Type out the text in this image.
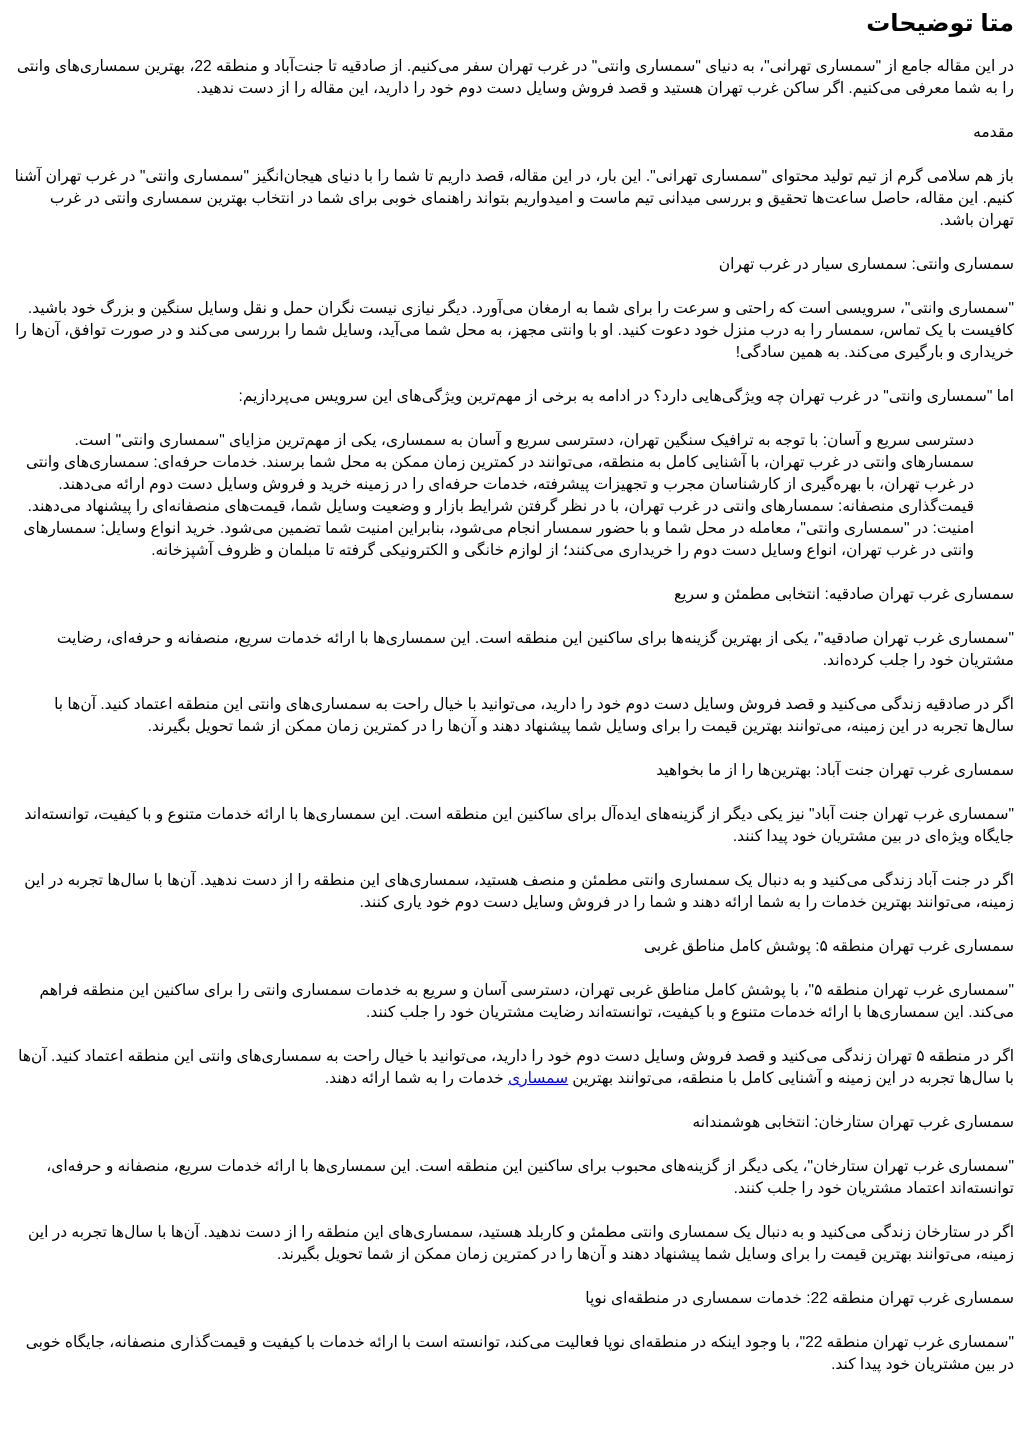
متا توضیحات

در این مقاله جامع از "سمساری تهرانی"، به دنیای "سمساری وانتی" در غرب تهران سفر می‌کنیم. از صادقیه تا جنت‌آباد و منطقه 22، بهترین سمساری‌های وانتی را به شما معرفی می‌کنیم. اگر ساکن غرب تهران هستید و قصد فروش وسایل دست دوم خود را دارید، این مقاله را از دست ندهید.

مقدمه

باز هم سلامی گرم از تیم تولید محتوای "سمساری تهرانی". این بار، در این مقاله، قصد داریم تا شما را با دنیای هیجان‌انگیز "سمساری وانتی" در غرب تهران آشنا کنیم. این مقاله، حاصل ساعت‌ها تحقیق و بررسی میدانی تیم ماست و امیدواریم بتواند راهنمای خوبی برای شما در انتخاب بهترین سمساری وانتی در غرب تهران باشد.

سمساری وانتی: سمساری سیار در غرب تهران

"سمساری وانتی"، سرویسی است که راحتی و سرعت را برای شما به ارمغان می‌آورد. دیگر نیازی نیست نگران حمل و نقل وسایل سنگین و بزرگ خود باشید. کافیست با یک تماس، سمسار را به درب منزل خود دعوت کنید. او با وانتی مجهز، به محل شما می‌آید، وسایل شما را بررسی می‌کند و در صورت توافق، آن‌ها را خریداری و بارگیری می‌کند. به همین سادگی!

اما "سمساری وانتی" در غرب تهران چه ویژگی‌هایی دارد؟ در ادامه به برخی از مهم‌ترین ویژگی‌های این سرویس می‌پردازیم:

دسترسی سریع و آسان: با توجه به ترافیک سنگین تهران، دسترسی سریع و آسان به سمساری، یکی از مهم‌ترین مزایای "سمساری وانتی" است. سمسارهای وانتی در غرب تهران، با آشنایی کامل به منطقه، می‌توانند در کمترین زمان ممکن به محل شما برسند. خدمات حرفه‌ای: سمساری‌های وانتی در غرب تهران، با بهره‌گیری از کارشناسان مجرب و تجهیزات پیشرفته، خدمات حرفه‌ای را در زمینه خرید و فروش وسایل دست دوم ارائه می‌دهند. قیمت‌گذاری منصفانه: سمسارهای وانتی در غرب تهران، با در نظر گرفتن شرایط بازار و وضعیت وسایل شما، قیمت‌های منصفانه‌ای را پیشنهاد می‌دهند. امنیت: در "سمساری وانتی"، معامله در محل شما و با حضور سمسار انجام می‌شود، بنابراین امنیت شما تضمین می‌شود. خرید انواع وسایل: سمسارهای وانتی در غرب تهران، انواع وسایل دست دوم را خریداری می‌کنند؛ از لوازم خانگی و الکترونیکی گرفته تا مبلمان و ظروف آشپزخانه.

سمساری غرب تهران صادقیه: انتخابی مطمئن و سریع

"سمساری غرب تهران صادقیه"، یکی از بهترین گزینه‌ها برای ساکنین این منطقه است. این سمساری‌ها با ارائه خدمات سریع، منصفانه و حرفه‌ای، رضایت مشتریان خود را جلب کرده‌اند.

اگر در صادقیه زندگی می‌کنید و قصد فروش وسایل دست دوم خود را دارید، می‌توانید با خیال راحت به سمساری‌های وانتی این منطقه اعتماد کنید. آن‌ها با سال‌ها تجربه در این زمینه، می‌توانند بهترین قیمت را برای وسایل شما پیشنهاد دهند و آن‌ها را در کمترین زمان ممکن از شما تحویل بگیرند.

سمساری غرب تهران جنت آباد: بهترین‌ها را از ما بخواهید

"سمساری غرب تهران جنت آباد" نیز یکی دیگر از گزینه‌های ایده‌آل برای ساکنین این منطقه است. این سمساری‌ها با ارائه خدمات متنوع و با کیفیت، توانسته‌اند جایگاه ویژه‌ای در بین مشتریان خود پیدا کنند.

اگر در جنت آباد زندگی می‌کنید و به دنبال یک سمساری وانتی مطمئن و منصف هستید، سمساری‌های این منطقه را از دست ندهید. آن‌ها با سال‌ها تجربه در این زمینه، می‌توانند بهترین خدمات را به شما ارائه دهند و شما را در فروش وسایل دست دوم خود یاری کنند.

سمساری غرب تهران منطقه ۵: پوشش کامل مناطق غربی

"سمساری غرب تهران منطقه ۵"، با پوشش کامل مناطق غربی تهران، دسترسی آسان و سریع به خدمات سمساری وانتی را برای ساکنین این منطقه فراهم می‌کند. این سمساری‌ها با ارائه خدمات متنوع و با کیفیت، توانسته‌اند رضایت مشتریان خود را جلب کنند.

اگر در منطقه ۵ تهران زندگی می‌کنید و قصد فروش وسایل دست دوم خود را دارید، می‌توانید با خیال راحت به سمساری‌های وانتی این منطقه اعتماد کنید. آن‌ها با سال‌ها تجربه در این زمینه و آشنایی کامل با منطقه، می‌توانند بهترین سمساری خدمات را به شما ارائه دهند.

سمساری غرب تهران ستارخان: انتخابی هوشمندانه

"سمساری غرب تهران ستارخان"، یکی دیگر از گزینه‌های محبوب برای ساکنین این منطقه است. این سمساری‌ها با ارائه خدمات سریع، منصفانه و حرفه‌ای، توانسته‌اند اعتماد مشتریان خود را جلب کنند.

اگر در ستارخان زندگی می‌کنید و به دنبال یک سمساری وانتی مطمئن و کاربلد هستید، سمساری‌های این منطقه را از دست ندهید. آن‌ها با سال‌ها تجربه در این زمینه، می‌توانند بهترین قیمت را برای وسایل شما پیشنهاد دهند و آن‌ها را در کمترین زمان ممکن از شما تحویل بگیرند.

سمساری غرب تهران منطقه 22: خدمات سمساری در منطقه‌ای نوپا

"سمساری غرب تهران منطقه 22"، با وجود اینکه در منطقه‌ای نوپا فعالیت می‌کند، توانسته است با ارائه خدمات با کیفیت و قیمت‌گذاری منصفانه، جایگاه خوبی در بین مشتریان خود پیدا کند.
